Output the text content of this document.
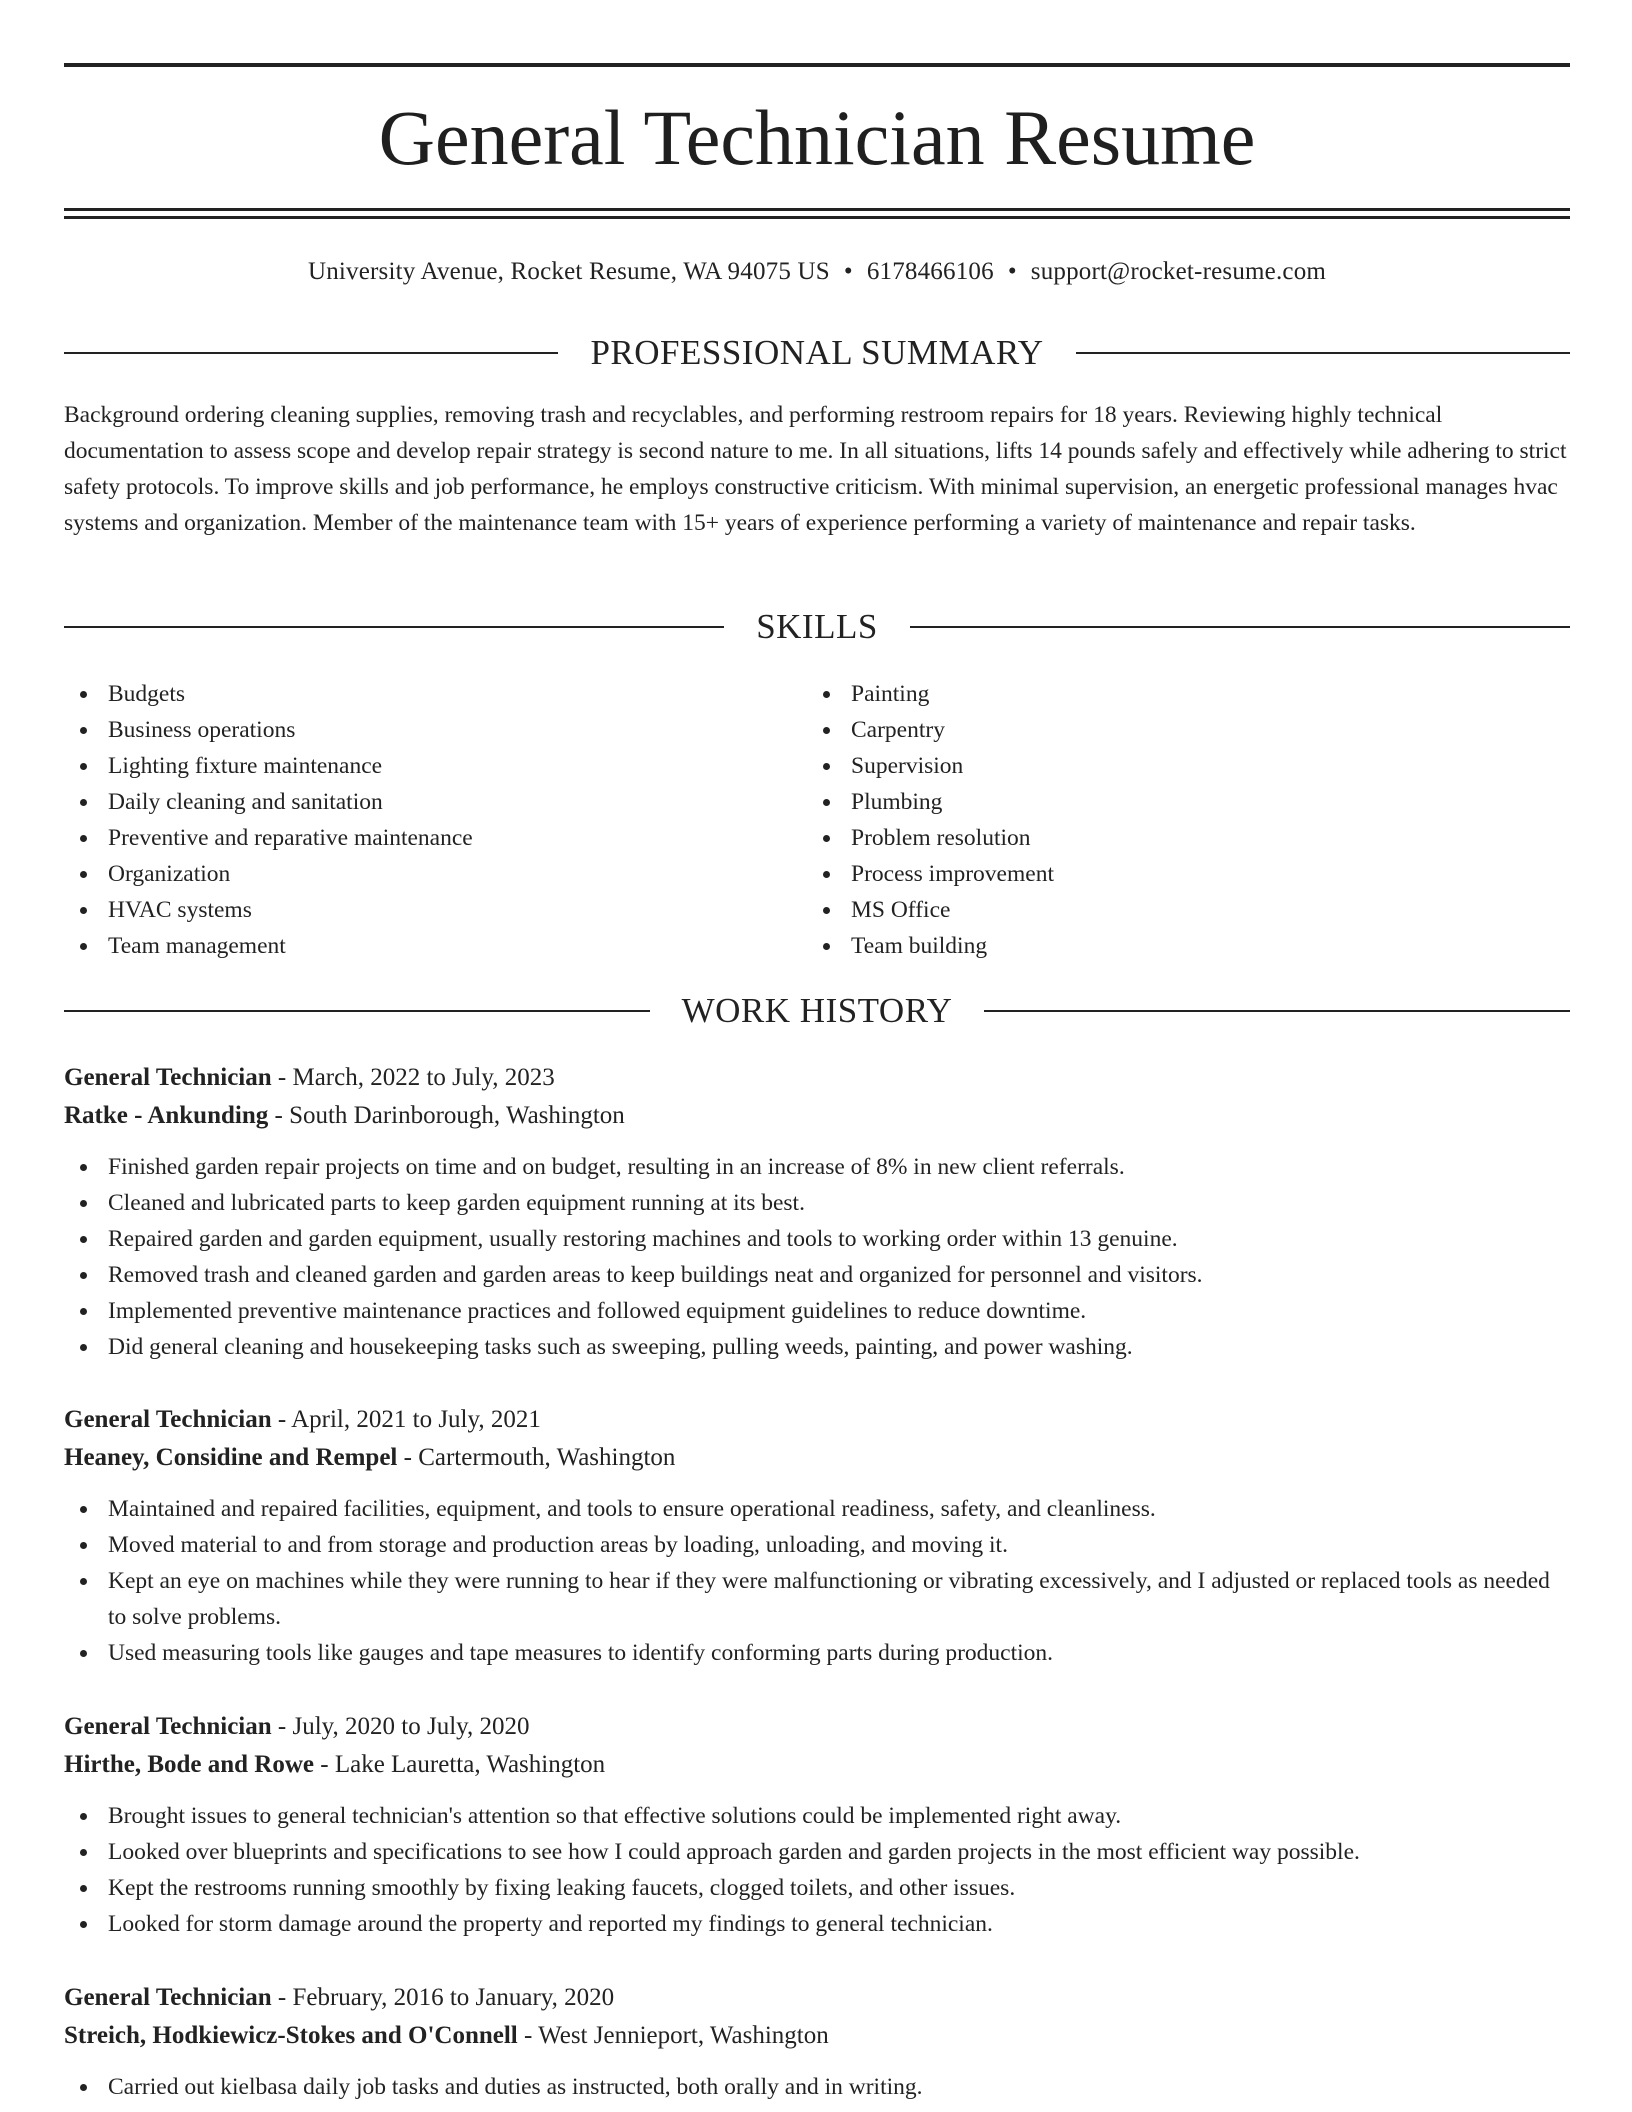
General Technician Resume
University Avenue, Rocket Resume, WA 94075 US • 6178466106 • support@rocket-resume.com
PROFESSIONAL SUMMARY
Background ordering cleaning supplies, removing trash and recyclables, and performing restroom repairs for 18 years. Reviewing highly technical documentation to assess scope and develop repair strategy is second nature to me. In all situations, lifts 14 pounds safely and effectively while adhering to strict safety protocols. To improve skills and job performance, he employs constructive criticism. With minimal supervision, an energetic professional manages hvac systems and organization. Member of the maintenance team with 15+ years of experience performing a variety of maintenance and repair tasks.
SKILLS
Budgets
Business operations
Lighting fixture maintenance
Daily cleaning and sanitation
Preventive and reparative maintenance
Organization
HVAC systems
Team management
Painting
Carpentry
Supervision
Plumbing
Problem resolution
Process improvement
MS Office
Team building
WORK HISTORY
General Technician - March, 2022 to July, 2023
Ratke - Ankunding - South Darinborough, Washington
Finished garden repair projects on time and on budget, resulting in an increase of 8% in new client referrals.
Cleaned and lubricated parts to keep garden equipment running at its best.
Repaired garden and garden equipment, usually restoring machines and tools to working order within 13 genuine.
Removed trash and cleaned garden and garden areas to keep buildings neat and organized for personnel and visitors.
Implemented preventive maintenance practices and followed equipment guidelines to reduce downtime.
Did general cleaning and housekeeping tasks such as sweeping, pulling weeds, painting, and power washing.
General Technician - April, 2021 to July, 2021
Heaney, Considine and Rempel - Cartermouth, Washington
Maintained and repaired facilities, equipment, and tools to ensure operational readiness, safety, and cleanliness.
Moved material to and from storage and production areas by loading, unloading, and moving it.
Kept an eye on machines while they were running to hear if they were malfunctioning or vibrating excessively, and I adjusted or replaced tools as needed to solve problems.
Used measuring tools like gauges and tape measures to identify conforming parts during production.
General Technician - July, 2020 to July, 2020
Hirthe, Bode and Rowe - Lake Lauretta, Washington
Brought issues to general technician's attention so that effective solutions could be implemented right away.
Looked over blueprints and specifications to see how I could approach garden and garden projects in the most efficient way possible.
Kept the restrooms running smoothly by fixing leaking faucets, clogged toilets, and other issues.
Looked for storm damage around the property and reported my findings to general technician.
General Technician - February, 2016 to January, 2020
Streich, Hodkiewicz-Stokes and O'Connell - West Jennieport, Washington
Carried out kielbasa daily job tasks and duties as instructed, both orally and in writing.
